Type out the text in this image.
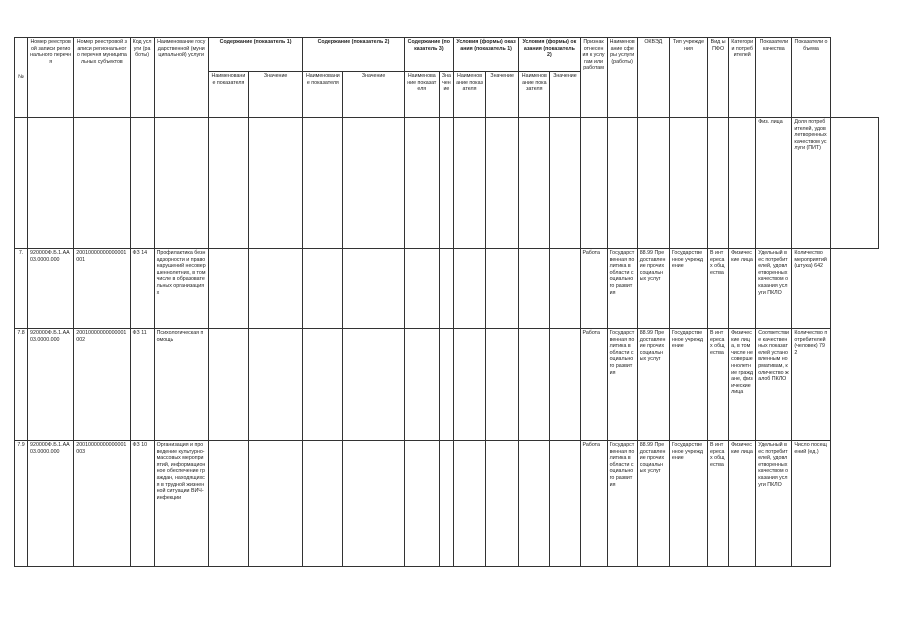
№	Номер реестровой записи регионального перечня	Номер реестровой записи регионального перечня муниципальных субъектов	Код услуги (работы)	Наименование государственной (муниципальной) услуги	Содержание (показатель 1)		Содержание (показатель 2)		Содержание (показатель 3)		Условия (формы) оказания (показатель 1)		Условия (формы) оказания (показатель 2)		Признак отнесения к услугам или работам	Наименование сферы услуги (работы)	ОКВЭД	Тип учреждения	Вид ы ПФО	Категории потребителей	Показатели качества	Показатели объема	
					Наименование показателя	Значение	Наименование показателя	Значение	Наименование показателя	Значение	Наименование показателя	Значение	Наименование показателя	Значение									
																					Физ. лица	Доля потребителей, удовлетворенных качеством услуги (ПИТ)	
7.	920000Ф.Б.1.АА03.0000.000	20010000000000001001	ФЗ 14	Профилактика безнадзорности и правонарушений несовершеннолетних, в том числе в образовательных организациях											Работа	Государственная политика в области социального развития	88.99 Предоставление прочих социальных услуг	Государственное учреждение	В интересах общества	Физические лица	Удельный вес потребителей, удовлетворенных качеством оказания услуги ПКЛО	Количество мероприятий (штука) 642	
7.8	920000Ф.Б.1.АА03.0000.000	20010000000000001002	ФЗ 11	Психологическая помощь											Работа	Государственная политика в области социального развития	88.99 Предоставление прочих социальных услуг	Государственное учреждение	В интересах общества	Физические лица, в том числе несовершеннолетние граждане, физические лица	Соответствие качественных показателей установленным нормативам, количество жалоб ПКЛО	Количество потребителей (человек) 792	
7.9	920000Ф.Б.1.АА03.0000.000	20010000000000001003	ФЗ 10	Организация и проведение культурно-массовых мероприятий, информационное обеспечение граждан, находящихся в трудной жизненной ситуации ВИЧ-инфекции											Работа	Государственная политика в области социального развития	88.99 Предоставление прочих социальных услуг	Государственное учреждение	В интересах общества	Физические лица	Удельный вес потребителей, удовлетворенных качеством оказания услуги ПКЛО	Число посещений (ед.)	
